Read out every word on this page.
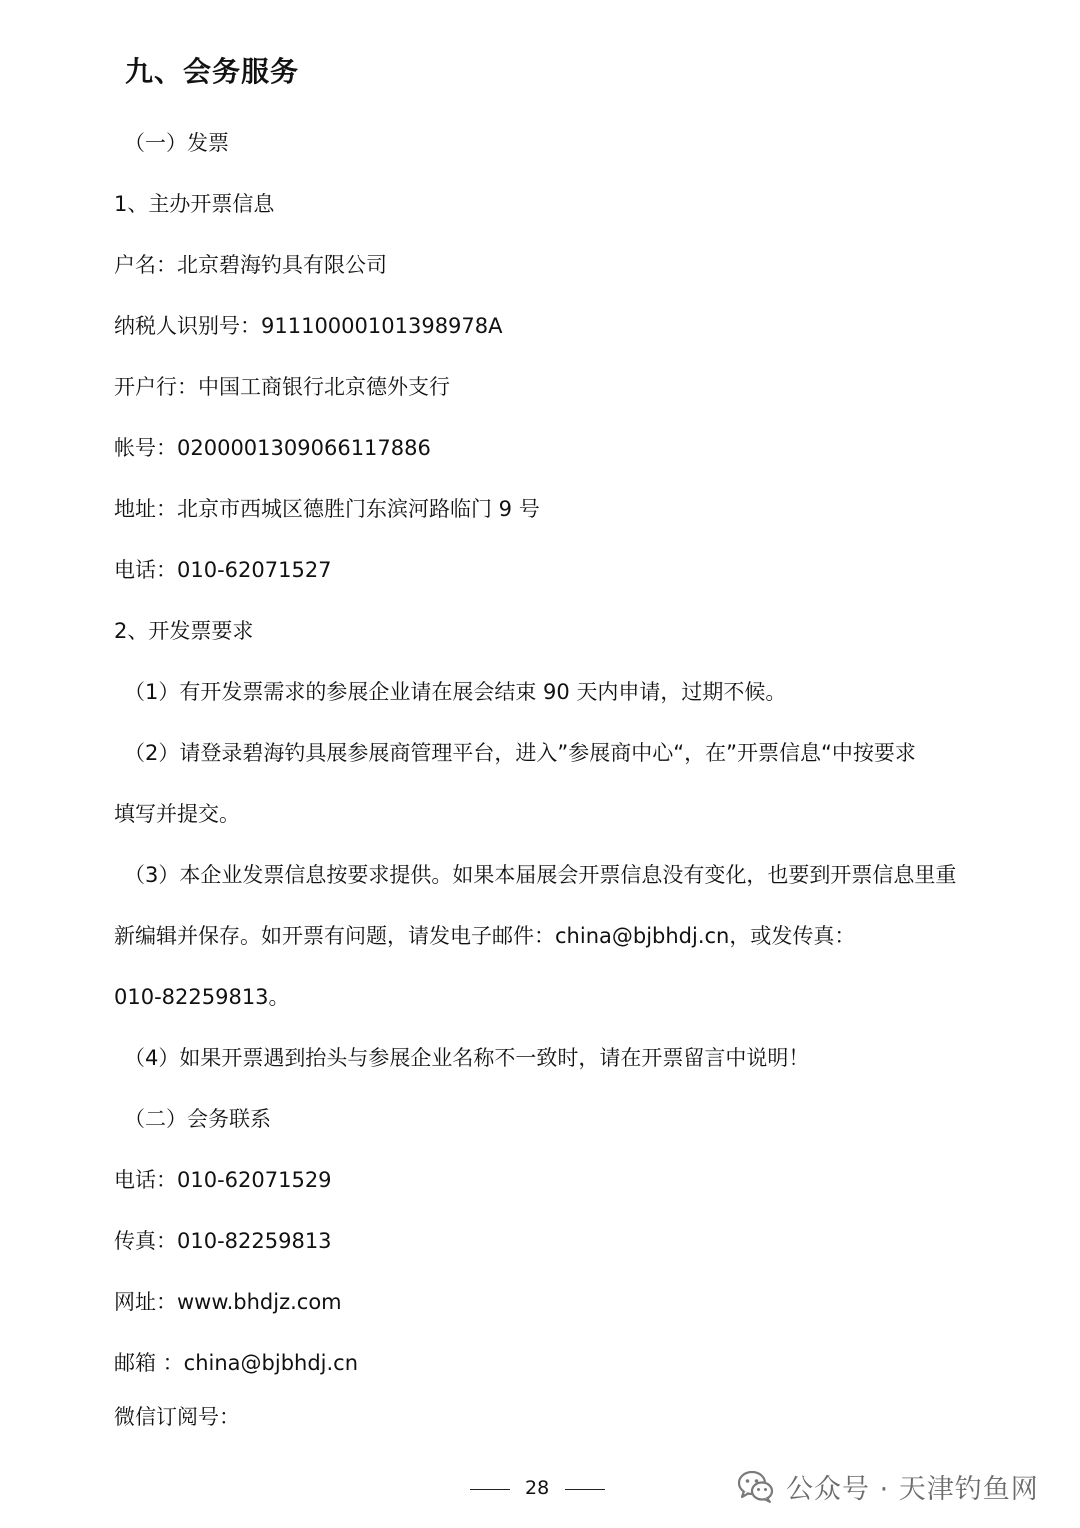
九、会务服务
（一）发票
1、主办开票信息
户名：北京碧海钓具有限公司
纳税人识别号：91110000101398978A
开户行：中国工商银行北京德外支行
帐号：0200001309066117886
地址：北京市西城区德胜门东滨河路临门 9 号
电话：010-62071527
2、开发票要求
（1）有开发票需求的参展企业请在展会结束 90 天内申请，过期不候。
（2）请登录碧海钓具展参展商管理平台，进入”参展商中心“，在”开票信息“中按要求
填写并提交。
（3）本企业发票信息按要求提供。如果本届展会开票信息没有变化，也要到开票信息里重
新编辑并保存。如开票有问题，请发电子邮件：china@bjbhdj.cn，或发传真：
010-82259813。
（4）如果开票遇到抬头与参展企业名称不一致时，请在开票留言中说明！
（二）会务联系
电话：010-62071529
传真：010-82259813
网址：www.bhdjz.com
邮箱 ：china@bjbhdj.cn
微信订阅号：
28	公众号 · 天津钓鱼网
